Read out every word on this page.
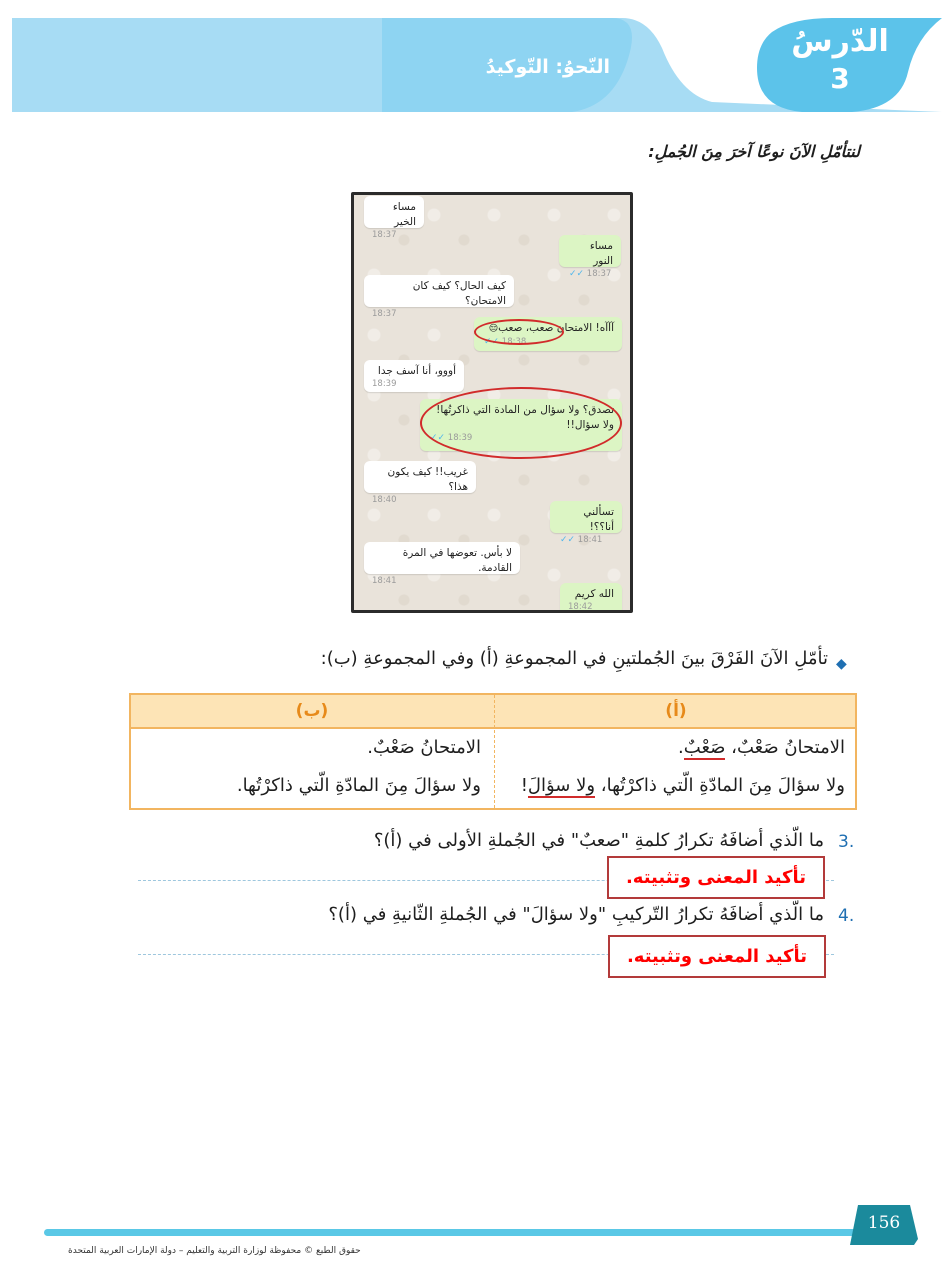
الدّرسُ
3
النّحوُ: التّوكيدُ
لنتأمّلِ الآنَ نوعًا آخرَ مِنَ الجُملِ:
مساء الخير
18:37
مساء النور
✓✓ 18:37
كيف الحال؟ كيف كان الامتحان؟
18:37
آآآه! الامتحان صعب، صعب😔
✓✓ 18:38
أووو، أنا آسف جدا
18:39
تصدق؟ ولا سؤال من المادة التي ذاكرتُها! ولا سؤال!!
✓✓ 18:39
غريب!! كيف يكون هذا؟
18:40
تسألني أنا؟؟!
✓✓ 18:41
لا بأس. تعوضها في المرة القادمة.
18:41
الله كريم
18:42
◆
تأمّلِ الآنَ الفَرْقَ بينَ الجُملتينِ في المجموعةِ (أ) وفي المجموعةِ (ب):
(أ)
(ب)
الامتحانُ صَعْبٌ، صَعْبٌ.
ولا سؤالَ مِنَ المادّةِ الّتي ذاكرْتُها، ولا سؤالَ!
الامتحانُ صَعْبٌ.
ولا سؤالَ مِنَ المادّةِ الّتي ذاكرْتُها.
3.
ما الّذي أضافَهُ تكرارُ كلمةِ "صعبٌ" في الجُملةِ الأولى في (أ)؟
تأكيد المعنى وتثبيته.
4.
ما الّذي أضافَهُ تكرارُ التّركيبِ "ولا سؤالَ" في الجُملةِ الثّانيةِ في (أ)؟
تأكيد المعنى وتثبيته.
156
حقوق الطبع © محفوظة لوزارة التربية والتعليم – دولة الإمارات العربية المتحدة
